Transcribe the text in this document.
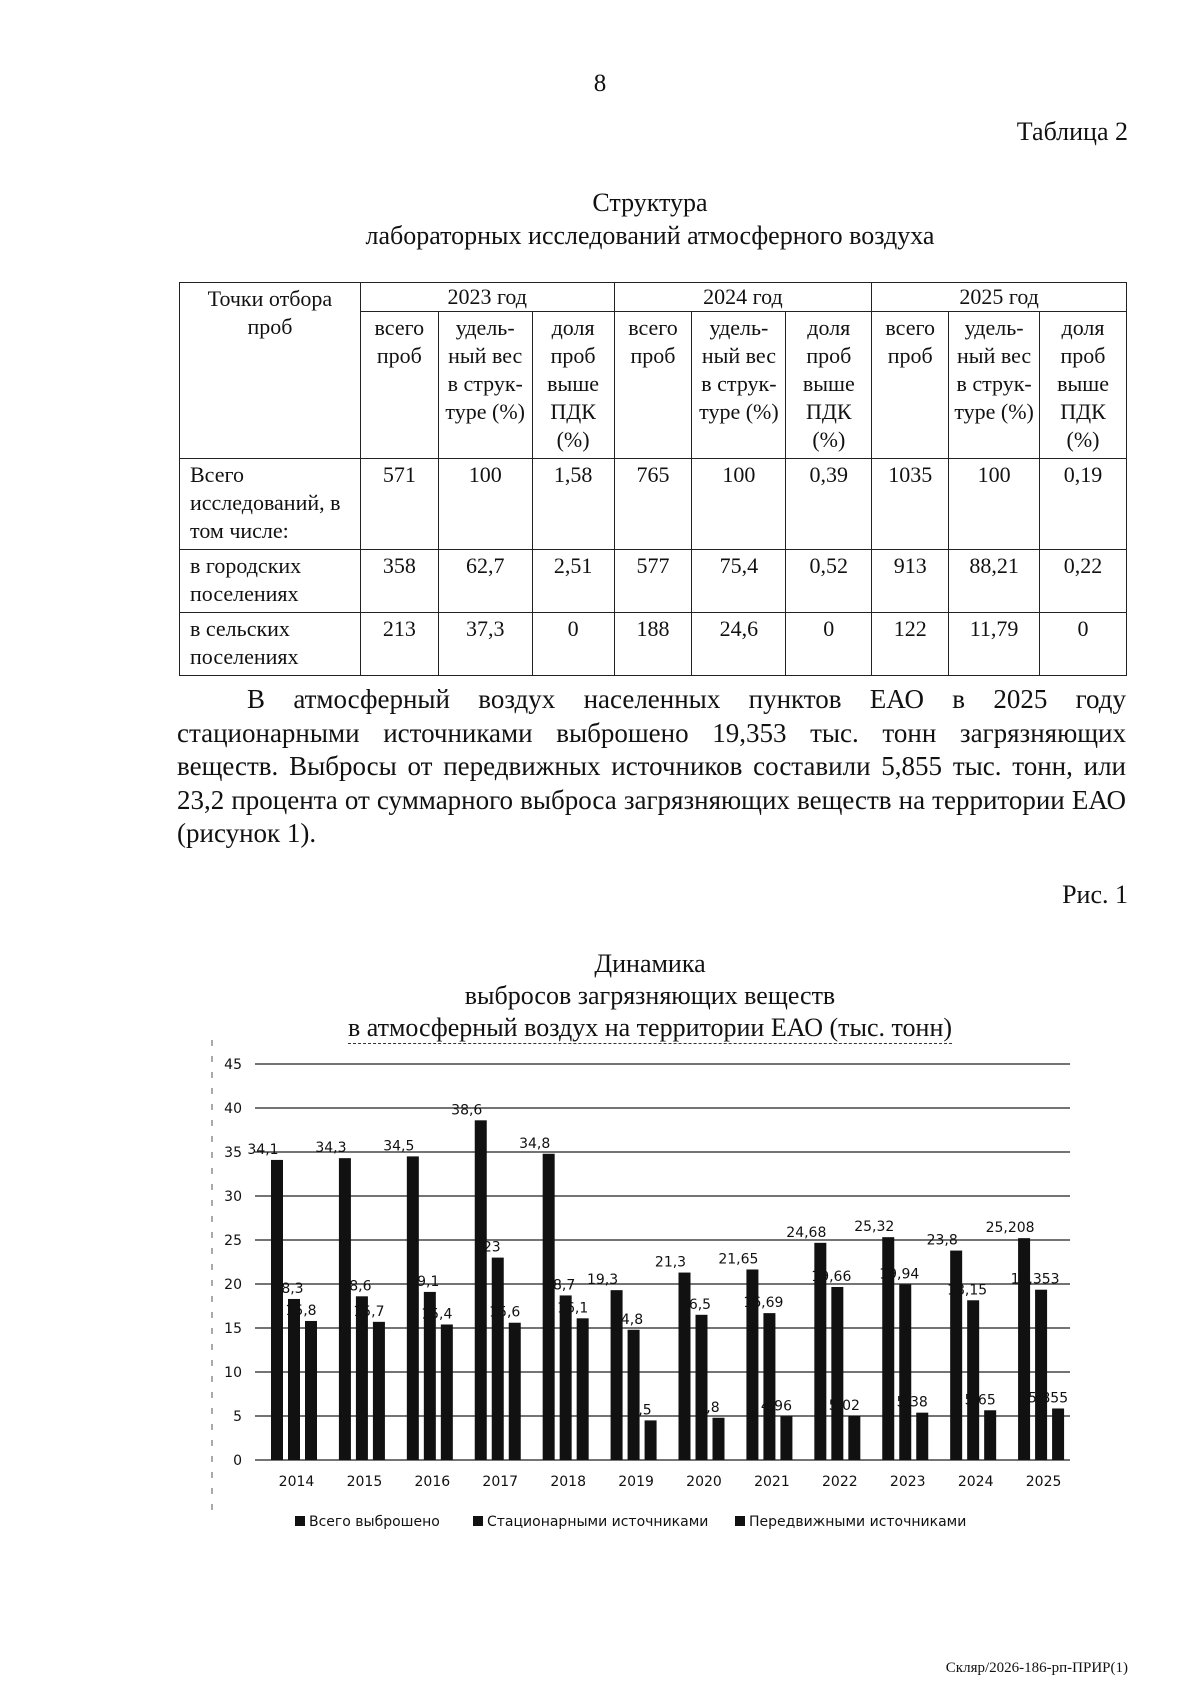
8
Таблица 2
Структура
лабораторных исследований атмосферного воздуха
Точки отбора проб	2023 год			2024 год			2025 год		
	всего проб	удель-ный вес в струк-туре (%)	доля проб выше ПДК (%)	всего проб	удель-ный вес в струк-туре (%)	доля проб выше ПДК (%)	всего проб	удель-ный вес в струк-туре (%)	доля проб выше ПДК (%)
Всего исследований, в том числе:	571	100	1,58	765	100	0,39	1035	100	0,19
в городских поселениях	358	62,7	2,51	577	75,4	0,52	913	88,21	0,22
в сельских поселениях	213	37,3	0	188	24,6	0	122	11,79	0
В атмосферный воздух населенных пунктов ЕАО в 2025 году стационарными источниками выброшено 19,353 тыс. тонн загрязняющих веществ. Выбросы от передвижных источников составили 5,855 тыс. тонн, или 23,2 процента от суммарного выброса загрязняющих веществ на территории ЕАО (рисунок 1).
Рис. 1
Динамика
выбросов загрязняющих веществ
в атмосферный воздух на территории ЕАО (тыс. тонн)
0
5
10
15
20
25
30
35
40
45
34,1
18,3
15,8
2014
34,3
18,6
15,7
2015
34,5
19,1
15,4
2016
38,6
23
15,6
2017
34,8
18,7
16,1
2018
19,3
14,8
4,5
2019
21,3
16,5
4,8
2020
21,65
16,69
4,96
2021
24,68
19,66
5,02
2022
25,32
19,94
5,38
2023
23,8
18,15
5,65
2024
25,208
19,353
5,855
2025
Всего выброшено	Стационарными источниками	Передвижными источниками
Скляр/2026-186-рп-ПРИР(1)
